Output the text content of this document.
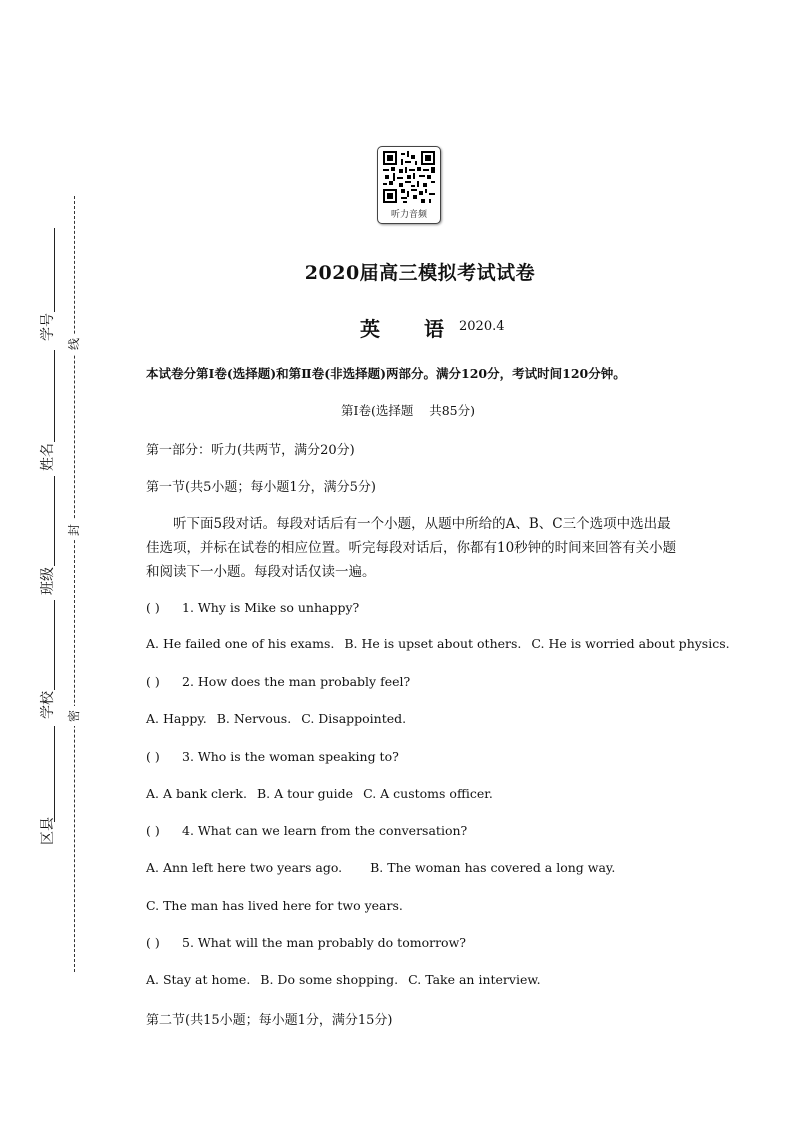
听力音频
线
封
密
学号
姓名
班级
学校
区县
2020届高三模拟考试试卷
英 语 2020.4
本试卷分第Ⅰ卷(选择题)和第Ⅱ卷(非选择题)两部分。满分120分，考试时间120分钟。
第Ⅰ卷(选择题    共85分)
第一部分：听力(共两节，满分20分)
第一节(共5小题；每小题1分，满分5分)
听下面5段对话。每段对话后有一个小题，从题中所给的A、B、C三个选项中选出最佳选项，并标在试卷的相应位置。听完每段对话后，你都有10秒钟的时间来回答有关小题和阅读下一小题。每段对话仅读一遍。
( ) 1. Why is Mike so unhappy?
A. He failed one of his exams. B. He is upset about others. C. He is worried about physics.
( ) 2. How does the man probably feel?
A. Happy. B. Nervous. C. Disappointed.
( ) 3. Who is the woman speaking to?
A. A bank clerk. B. A tour guide C. A customs officer.
( ) 4. What can we learn from the conversation?
A. Ann left here two years ago. B. The woman has covered a long way.
C. The man has lived here for two years.
( ) 5. What will the man probably do tomorrow?
A. Stay at home. B. Do some shopping. C. Take an interview.
第二节(共15小题；每小题1分，满分15分)
